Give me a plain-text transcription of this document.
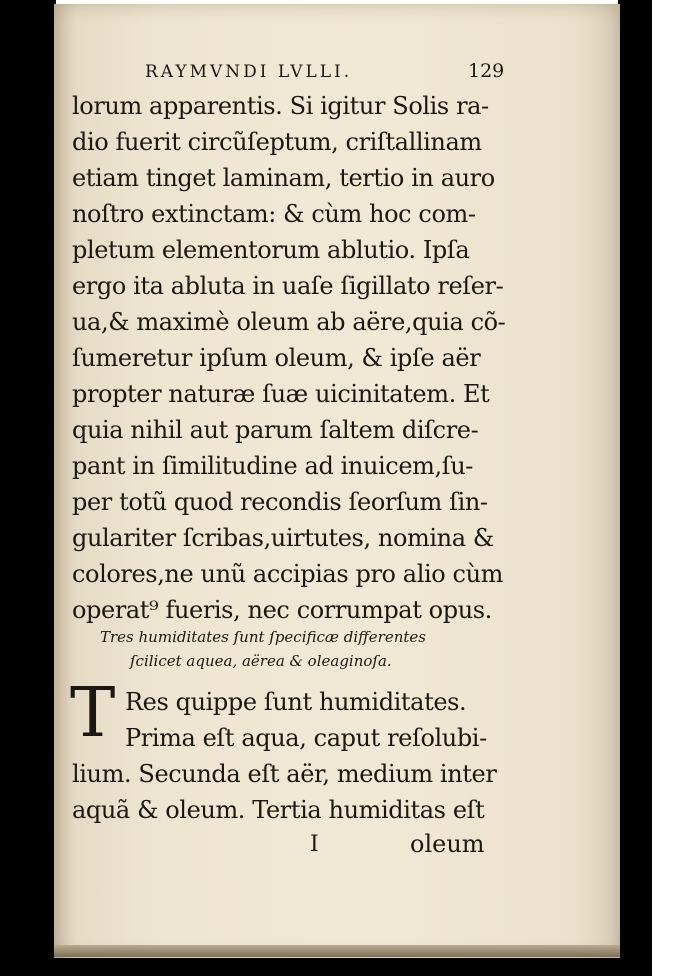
RAYMVNDI LVLLI.	129
lorum apparentis. Si igitur Solis ra-
dio fuerit circũſeptum, criſtallinam
etiam tinget laminam, tertio in auro
noſtro extinctam: & cùm hoc com-
pletum elementorum ablutio. Ipſa
ergo ita abluta in uaſe ſigillato reſer-
ua,& maximè oleum ab aëre,quia cõ-
ſumeretur ipſum oleum, & ipſe aër
propter naturæ ſuæ uicinitatem. Et
quia nihil aut parum ſaltem diſcre-
pant in ſimilitudine ad inuicem,ſu-
per totũ quod recondis ſeorſum ſin-
gulariter ſcribas,uirtutes, nomina &
colores,ne unũ accipias pro alio cùm
operat⁹ fueris, nec corrumpat opus.
Tres humiditates ſunt ſpecificæ differentes
ſcilicet aquea, aërea & oleaginoſa.
T Res quippe ſunt humiditates.
Prima eſt aqua, caput reſolubi-
lium. Secunda eſt aër, medium inter
aquã & oleum. Tertia humiditas eſt
I	oleum
